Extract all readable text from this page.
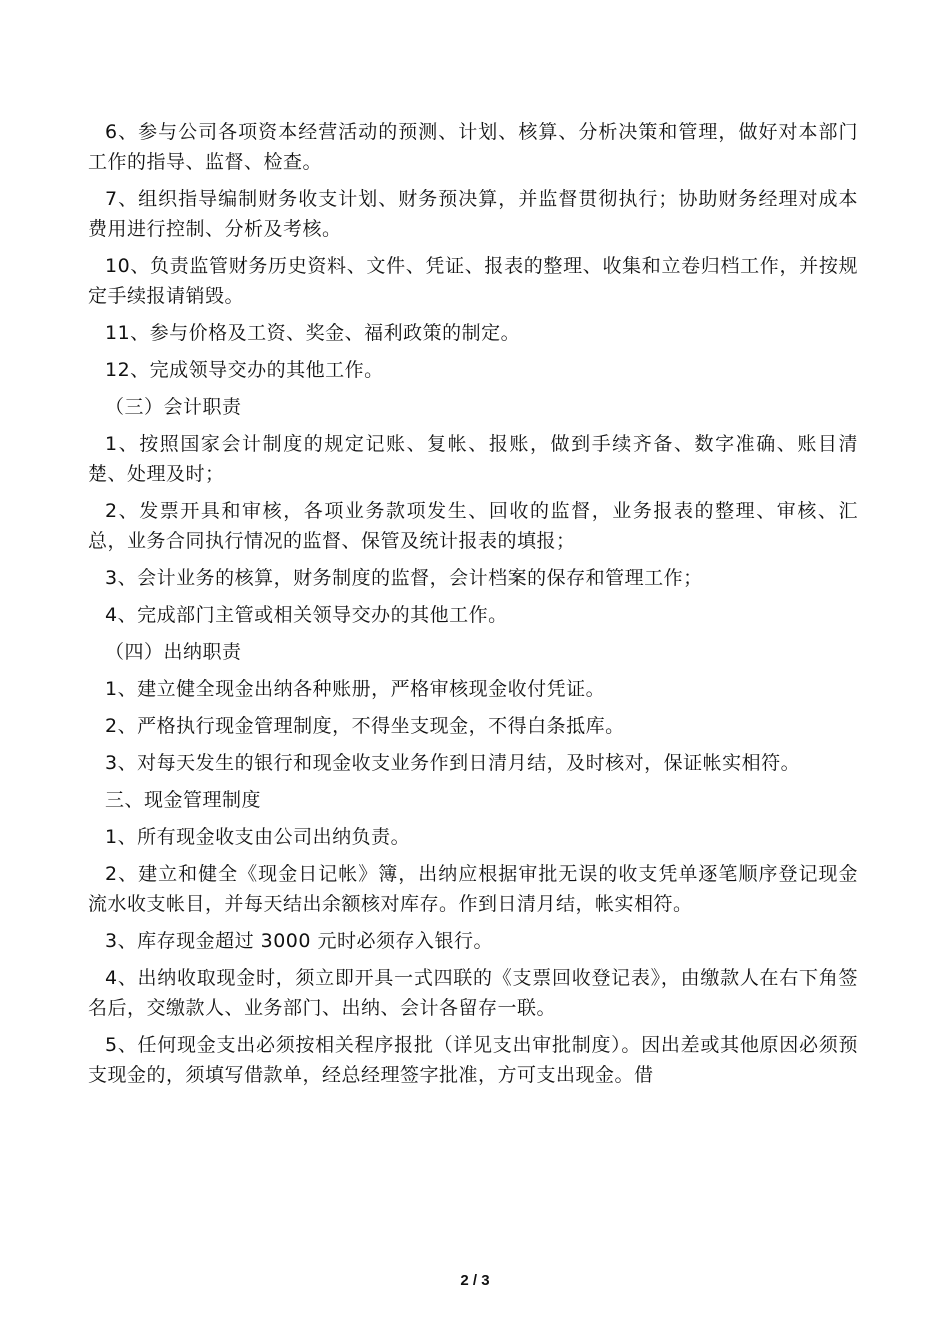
6、参与公司各项资本经营活动的预测、计划、核算、分析决策和管理，做好对本部门工作的指导、监督、检查。

7、组织指导编制财务收支计划、财务预决算，并监督贯彻执行；协助财务经理对成本费用进行控制、分析及考核。

10、负责监管财务历史资料、文件、凭证、报表的整理、收集和立卷归档工作，并按规定手续报请销毁。

11、参与价格及工资、奖金、福利政策的制定。

12、完成领导交办的其他工作。

（三）会计职责

1、按照国家会计制度的规定记账、复帐、报账，做到手续齐备、数字准确、账目清楚、处理及时；

2、发票开具和审核，各项业务款项发生、回收的监督，业务报表的整理、审核、汇总，业务合同执行情况的监督、保管及统计报表的填报；

3、会计业务的核算，财务制度的监督，会计档案的保存和管理工作；

4、完成部门主管或相关领导交办的其他工作。

（四）出纳职责

1、建立健全现金出纳各种账册，严格审核现金收付凭证。

2、严格执行现金管理制度，不得坐支现金，不得白条抵库。

3、对每天发生的银行和现金收支业务作到日清月结，及时核对，保证帐实相符。

三、现金管理制度

1、所有现金收支由公司出纳负责。

2、建立和健全《现金日记帐》簿，出纳应根据审批无误的收支凭单逐笔顺序登记现金流水收支帐目，并每天结出余额核对库存。作到日清月结，帐实相符。

3、库存现金超过 3000 元时必须存入银行。

4、出纳收取现金时，须立即开具一式四联的《支票回收登记表》，由缴款人在右下角签名后，交缴款人、业务部门、出纳、会计各留存一联。

5、任何现金支出必须按相关程序报批（详见支出审批制度）。因出差或其他原因必须预支现金的，须填写借款单，经总经理签字批准，方可支出现金。借

2 / 3
